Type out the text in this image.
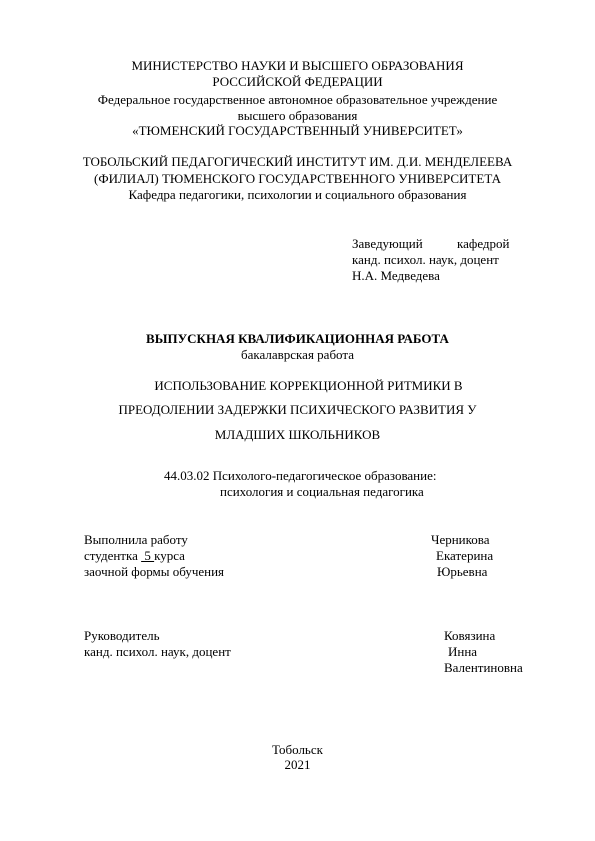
МИНИСТЕРСТВО НАУКИ И ВЫСШЕГО ОБРАЗОВАНИЯ
РОССИЙСКОЙ ФЕДЕРАЦИИ
Федеральное государственное автономное образовательное учреждение
высшего образования
«ТЮМЕНСКИЙ ГОСУДАРСТВЕННЫЙ УНИВЕРСИТЕТ»
ТОБОЛЬСКИЙ ПЕДАГОГИЧЕСКИЙ ИНСТИТУТ ИМ. Д.И. МЕНДЕЛЕЕВА
(ФИЛИАЛ) ТЮМЕНСКОГО ГОСУДАРСТВЕННОГО УНИВЕРСИТЕТА
Кафедра педагогики, психологии и социального образования
Заведующий	кафедрой
канд. психол. наук, доцент
Н.А. Медведева
ВЫПУСКНАЯ КВАЛИФИКАЦИОННАЯ РАБОТА
бакалаврская работа
ИСПОЛЬЗОВАНИЕ КОРРЕКЦИОННОЙ РИТМИКИ В
ПРЕОДОЛЕНИИ ЗАДЕРЖКИ ПСИХИЧЕСКОГО РАЗВИТИЯ У
МЛАДШИХ ШКОЛЬНИКОВ
44.03.02 Психолого-педагогическое образование:
психология и социальная педагогика
Выполнила работу
студентка  5 курса
заочной формы обучения
Черникова
Екатерина
Юрьевна
Руководитель
канд. психол. наук, доцент
Ковязина
Инна
Валентиновна
Тобольск
2021
